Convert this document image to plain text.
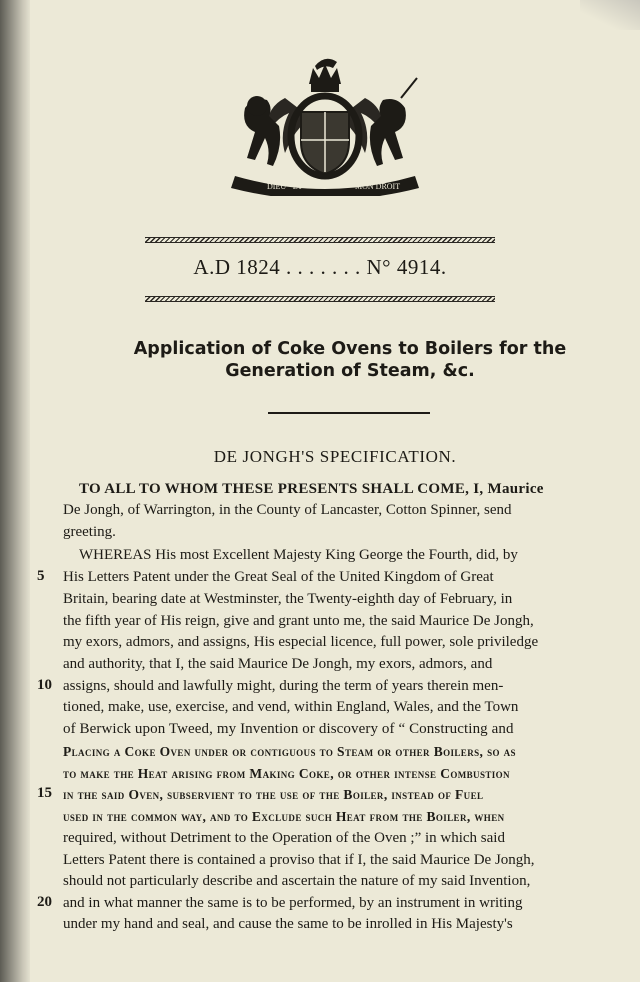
DIEU · ET	MON DROIT
A.D 1824 . . . . . . . N° 4914.
Application of Coke Ovens to Boilers for the
Generation of Steam, &c.
DE JONGH'S SPECIFICATION.
TO ALL TO WHOM THESE PRESENTS SHALL COME, I, Maurice
De Jongh, of Warrington, in the County of Lancaster, Cotton Spinner, send
greeting.
WHEREAS His most Excellent Majesty King George the Fourth, did, by
His Letters Patent under the Great Seal of the United Kingdom of Great
5
Britain, bearing date at Westminster, the Twenty-eighth day of February, in
the fifth year of His reign, give and grant unto me, the said Maurice De Jongh,
my exors, admors, and assigns, His especial licence, full power, sole priviledge
and authority, that I, the said Maurice De Jongh, my exors, admors, and
assigns, should and lawfully might, during the term of years therein men-
10
tioned, make, use, exercise, and vend, within England, Wales, and the Town
of Berwick upon Tweed, my Invention or discovery of “ Constructing and
Placing a Coke Oven under or contiguous to Steam or other Boilers, so as
to make the Heat arising from Making Coke, or other intense Combustion
in the said Oven, subservient to the use of the Boiler, instead of Fuel
15
used in the common way, and to Exclude such Heat from the Boiler, when
required, without Detriment to the Operation of the Oven ;” in which said
Letters Patent there is contained a proviso that if I, the said Maurice De Jongh,
should not particularly describe and ascertain the nature of my said Invention,
and in what manner the same is to be performed, by an instrument in writing
20
under my hand and seal, and cause the same to be inrolled in His Majesty's
